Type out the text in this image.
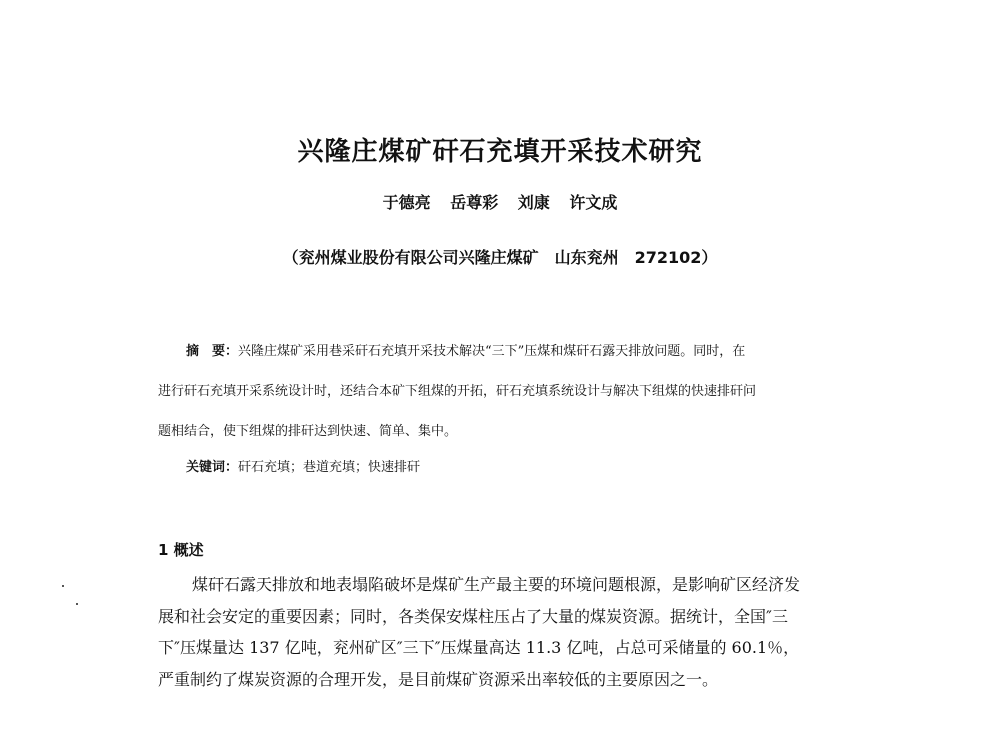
兴隆庄煤矿矸石充填开采技术研究
于德亮 岳尊彩 刘康 许文成
（兖州煤业股份有限公司兴隆庄煤矿　山东兖州　272102）
摘　要：兴隆庄煤矿采用巷采矸石充填开采技术解决“三下”压煤和煤矸石露天排放问题。同时，在
进行矸石充填开采系统设计时，还结合本矿下组煤的开拓，矸石充填系统设计与解决下组煤的快速排矸问
题相结合，使下组煤的排矸达到快速、简单、集中。
关键词：矸石充填；巷道充填；快速排矸
1 概述
煤矸石露天排放和地表塌陷破坏是煤矿生产最主要的环境问题根源，是影响矿区经济发
展和社会安定的重要因素；同时，各类保安煤柱压占了大量的煤炭资源。据统计，全国″三
下″压煤量达 137 亿吨，兖州矿区″三下″压煤量高达 11.3 亿吨，占总可采储量的 60.1％，
严重制约了煤炭资源的合理开发，是目前煤矿资源采出率较低的主要原因之一。
